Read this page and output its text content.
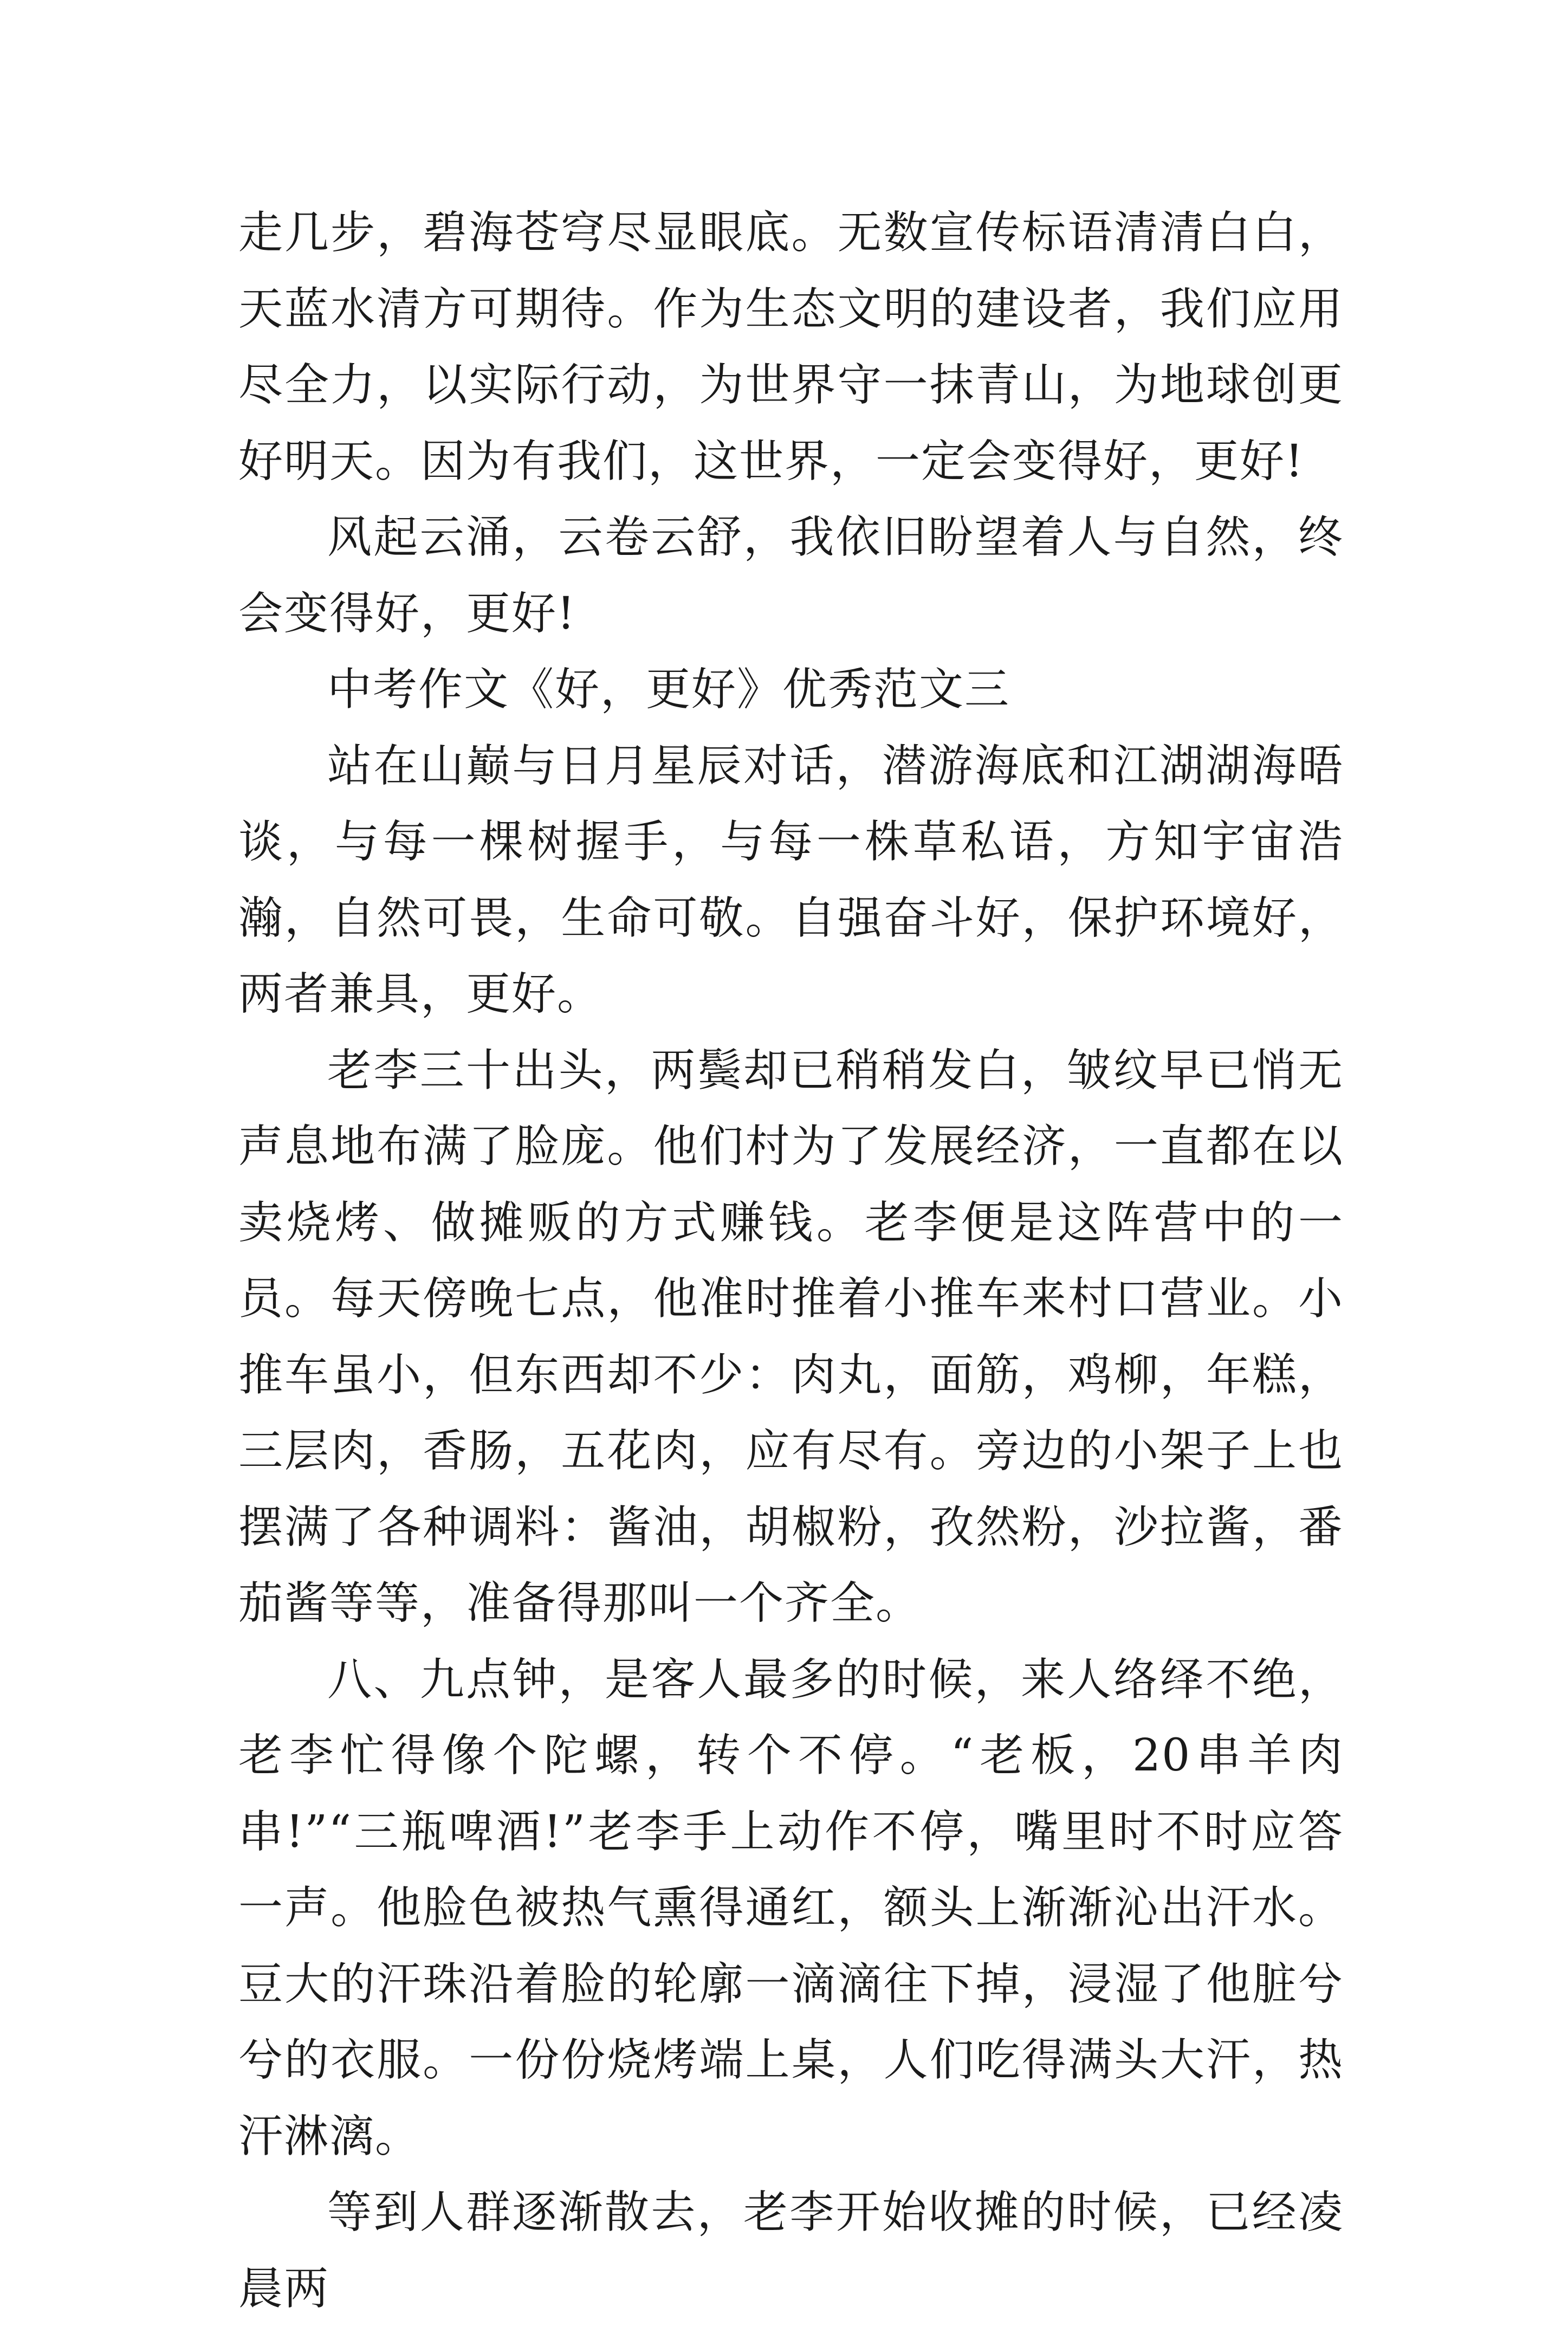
走几步，碧海苍穹尽显眼底。无数宣传标语清清白白，天蓝水清方可期待。作为生态文明的建设者，我们应用尽全力，以实际行动，为世界守一抹青山，为地球创更好明天。因为有我们，这世界，一定会变得好，更好!

风起云涌，云卷云舒，我依旧盼望着人与自然，终会变得好，更好!

中考作文《好，更好》优秀范文三

站在山巅与日月星辰对话，潜游海底和江湖湖海晤谈，与每一棵树握手，与每一株草私语，方知宇宙浩瀚，自然可畏，生命可敬。自强奋斗好，保护环境好，两者兼具，更好。

老李三十出头，两鬓却已稍稍发白，皱纹早已悄无声息地布满了脸庞。他们村为了发展经济，一直都在以卖烧烤、做摊贩的方式赚钱。老李便是这阵营中的一员。每天傍晚七点，他准时推着小推车来村口营业。小推车虽小，但东西却不少：肉丸，面筋，鸡柳，年糕，三层肉，香肠，五花肉，应有尽有。旁边的小架子上也摆满了各种调料：酱油，胡椒粉，孜然粉，沙拉酱，番茄酱等等，准备得那叫一个齐全。

八、九点钟，是客人最多的时候，来人络绎不绝，老李忙得像个陀螺，转个不停。“老板，20串羊肉串!”“三瓶啤酒!”老李手上动作不停，嘴里时不时应答一声。他脸色被热气熏得通红，额头上渐渐沁出汗水。豆大的汗珠沿着脸的轮廓一滴滴往下掉，浸湿了他脏兮兮的衣服。一份份烧烤端上桌，人们吃得满头大汗，热汗淋漓。

等到人群逐渐散去，老李开始收摊的时候，已经凌晨两
